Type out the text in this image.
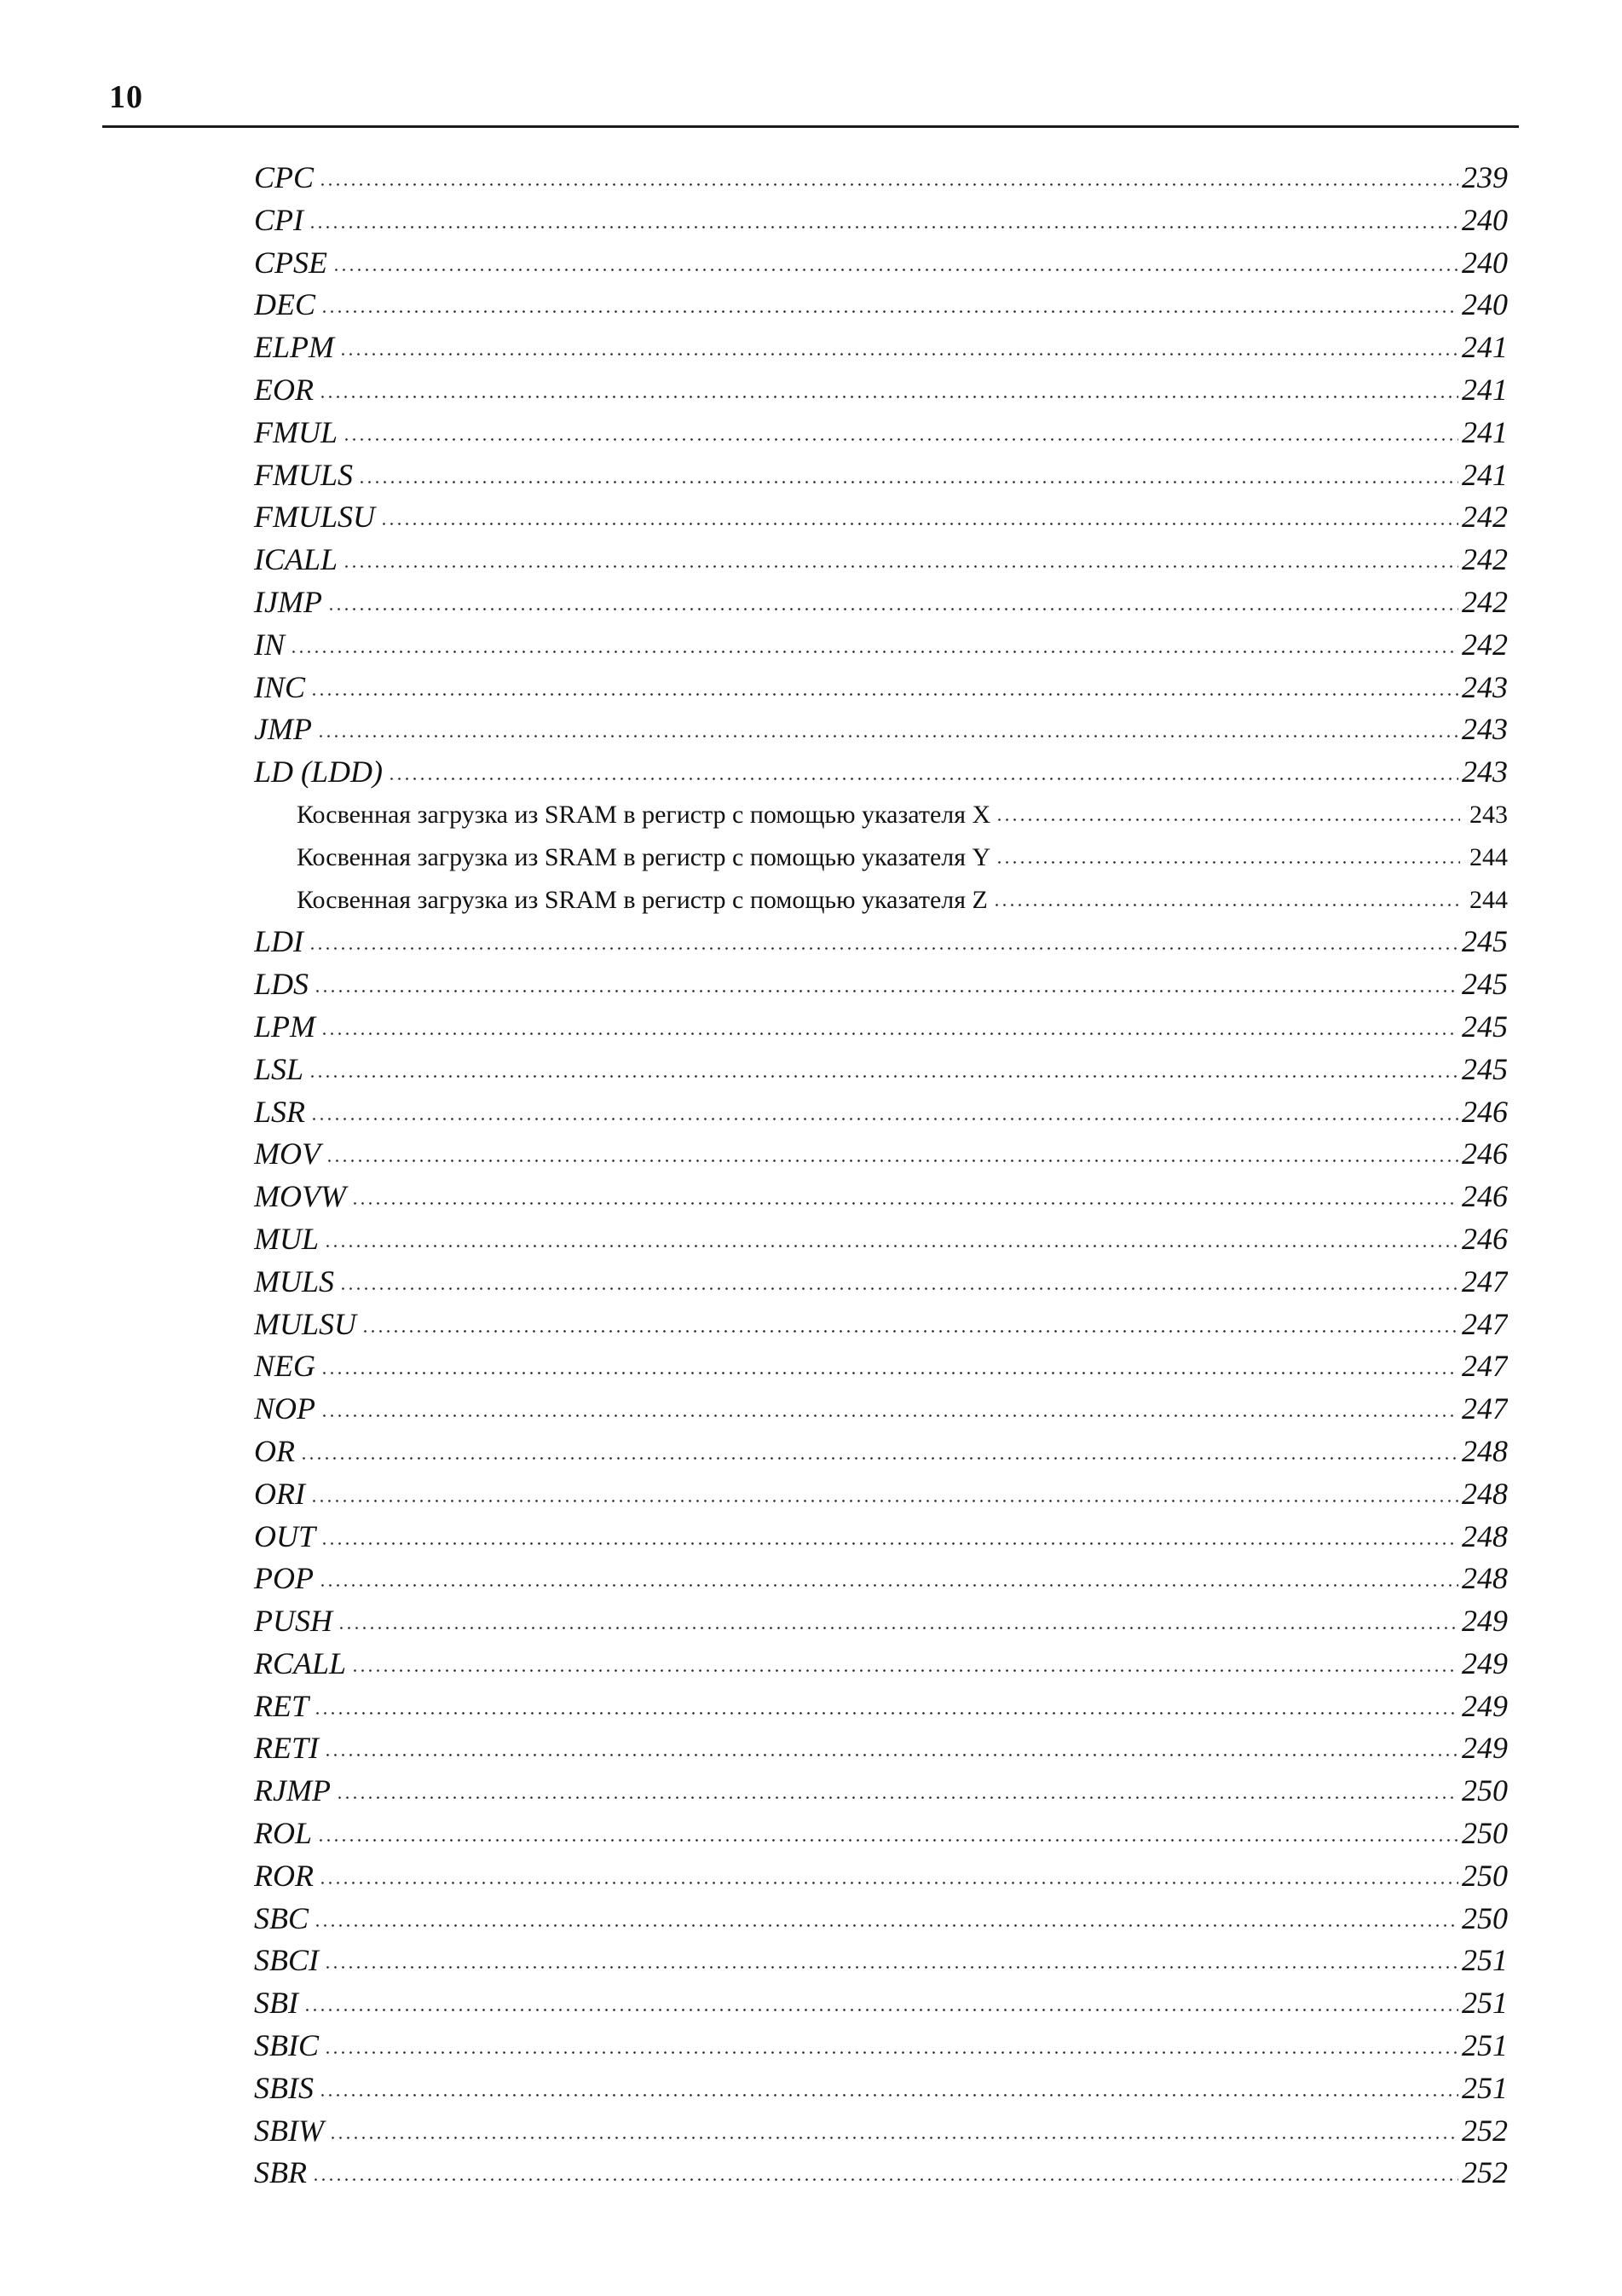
10
CPC	239
CPI	240
CPSE	240
DEC	240
ELPM	241
EOR	241
FMUL	241
FMULS	241
FMULSU	242
ICALL	242
IJMP	242
IN	242
INC	243
JMP	243
LD (LDD)	243
Косвенная загрузка из SRAM в регистр с помощью указателя X	243
Косвенная загрузка из SRAM в регистр с помощью указателя Y	244
Косвенная загрузка из SRAM в регистр с помощью указателя Z	244
LDI	245
LDS	245
LPM	245
LSL	245
LSR	246
MOV	246
MOVW	246
MUL	246
MULS	247
MULSU	247
NEG	247
NOP	247
OR	248
ORI	248
OUT	248
POP	248
PUSH	249
RCALL	249
RET	249
RETI	249
RJMP	250
ROL	250
ROR	250
SBC	250
SBCI	251
SBI	251
SBIC	251
SBIS	251
SBIW	252
SBR	252
